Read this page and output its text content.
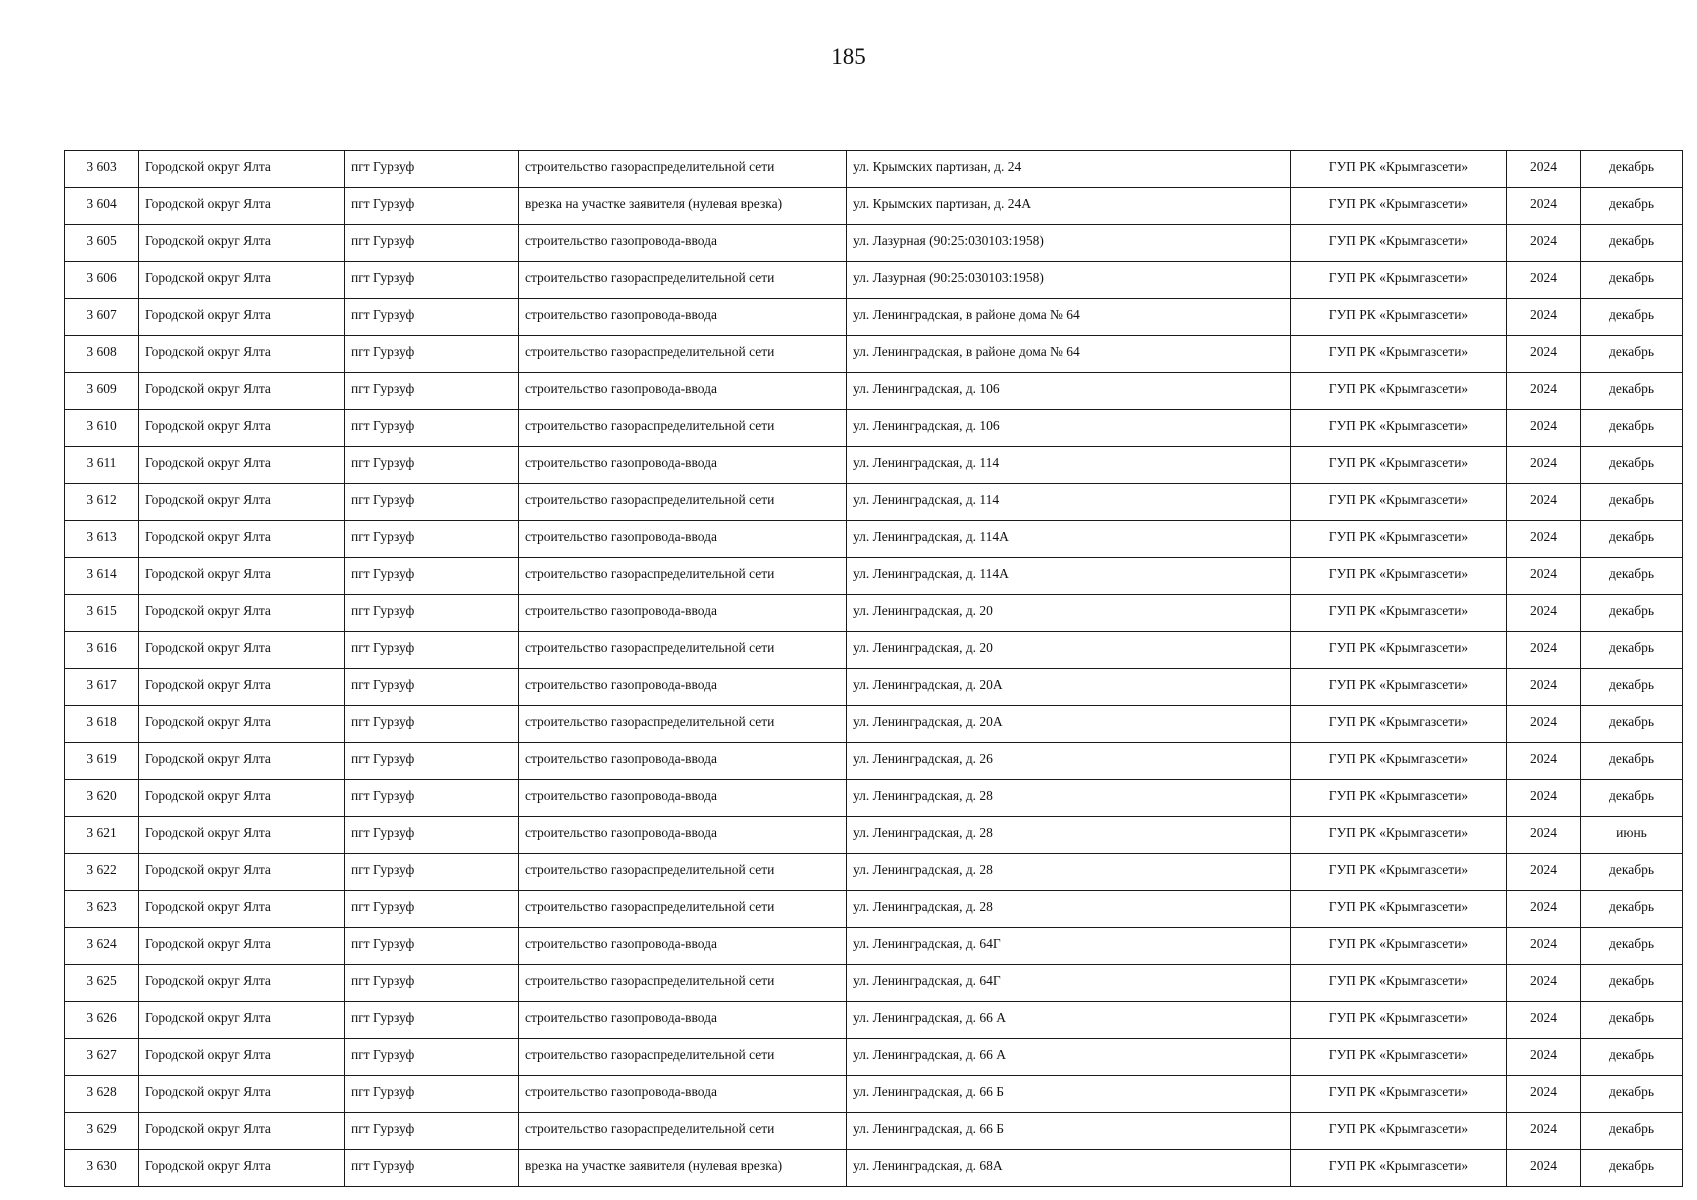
185
3 603	Городской округ Ялта	пгт Гурзуф	строительство газораспределительной сети	ул. Крымских партизан, д. 24	ГУП РК «Крымгазсети»	2024	декабрь
3 604	Городской округ Ялта	пгт Гурзуф	врезка на участке заявителя (нулевая врезка)	ул. Крымских партизан, д. 24А	ГУП РК «Крымгазсети»	2024	декабрь
3 605	Городской округ Ялта	пгт Гурзуф	строительство газопровода-ввода	ул. Лазурная (90:25:030103:1958)	ГУП РК «Крымгазсети»	2024	декабрь
3 606	Городской округ Ялта	пгт Гурзуф	строительство газораспределительной сети	ул. Лазурная (90:25:030103:1958)	ГУП РК «Крымгазсети»	2024	декабрь
3 607	Городской округ Ялта	пгт Гурзуф	строительство газопровода-ввода	ул. Ленинградская, в районе дома № 64	ГУП РК «Крымгазсети»	2024	декабрь
3 608	Городской округ Ялта	пгт Гурзуф	строительство газораспределительной сети	ул. Ленинградская, в районе дома № 64	ГУП РК «Крымгазсети»	2024	декабрь
3 609	Городской округ Ялта	пгт Гурзуф	строительство газопровода-ввода	ул. Ленинградская, д. 106	ГУП РК «Крымгазсети»	2024	декабрь
3 610	Городской округ Ялта	пгт Гурзуф	строительство газораспределительной сети	ул. Ленинградская, д. 106	ГУП РК «Крымгазсети»	2024	декабрь
3 611	Городской округ Ялта	пгт Гурзуф	строительство газопровода-ввода	ул. Ленинградская, д. 114	ГУП РК «Крымгазсети»	2024	декабрь
3 612	Городской округ Ялта	пгт Гурзуф	строительство газораспределительной сети	ул. Ленинградская, д. 114	ГУП РК «Крымгазсети»	2024	декабрь
3 613	Городской округ Ялта	пгт Гурзуф	строительство газопровода-ввода	ул. Ленинградская, д. 114А	ГУП РК «Крымгазсети»	2024	декабрь
3 614	Городской округ Ялта	пгт Гурзуф	строительство газораспределительной сети	ул. Ленинградская, д. 114А	ГУП РК «Крымгазсети»	2024	декабрь
3 615	Городской округ Ялта	пгт Гурзуф	строительство газопровода-ввода	ул. Ленинградская, д. 20	ГУП РК «Крымгазсети»	2024	декабрь
3 616	Городской округ Ялта	пгт Гурзуф	строительство газораспределительной сети	ул. Ленинградская, д. 20	ГУП РК «Крымгазсети»	2024	декабрь
3 617	Городской округ Ялта	пгт Гурзуф	строительство газопровода-ввода	ул. Ленинградская, д. 20А	ГУП РК «Крымгазсети»	2024	декабрь
3 618	Городской округ Ялта	пгт Гурзуф	строительство газораспределительной сети	ул. Ленинградская, д. 20А	ГУП РК «Крымгазсети»	2024	декабрь
3 619	Городской округ Ялта	пгт Гурзуф	строительство газопровода-ввода	ул. Ленинградская, д. 26	ГУП РК «Крымгазсети»	2024	декабрь
3 620	Городской округ Ялта	пгт Гурзуф	строительство газопровода-ввода	ул. Ленинградская, д. 28	ГУП РК «Крымгазсети»	2024	декабрь
3 621	Городской округ Ялта	пгт Гурзуф	строительство газопровода-ввода	ул. Ленинградская, д. 28	ГУП РК «Крымгазсети»	2024	июнь
3 622	Городской округ Ялта	пгт Гурзуф	строительство газораспределительной сети	ул. Ленинградская, д. 28	ГУП РК «Крымгазсети»	2024	декабрь
3 623	Городской округ Ялта	пгт Гурзуф	строительство газораспределительной сети	ул. Ленинградская, д. 28	ГУП РК «Крымгазсети»	2024	декабрь
3 624	Городской округ Ялта	пгт Гурзуф	строительство газопровода-ввода	ул. Ленинградская, д. 64Г	ГУП РК «Крымгазсети»	2024	декабрь
3 625	Городской округ Ялта	пгт Гурзуф	строительство газораспределительной сети	ул. Ленинградская, д. 64Г	ГУП РК «Крымгазсети»	2024	декабрь
3 626	Городской округ Ялта	пгт Гурзуф	строительство газопровода-ввода	ул. Ленинградская, д. 66 А	ГУП РК «Крымгазсети»	2024	декабрь
3 627	Городской округ Ялта	пгт Гурзуф	строительство газораспределительной сети	ул. Ленинградская, д. 66 А	ГУП РК «Крымгазсети»	2024	декабрь
3 628	Городской округ Ялта	пгт Гурзуф	строительство газопровода-ввода	ул. Ленинградская, д. 66 Б	ГУП РК «Крымгазсети»	2024	декабрь
3 629	Городской округ Ялта	пгт Гурзуф	строительство газораспределительной сети	ул. Ленинградская, д. 66 Б	ГУП РК «Крымгазсети»	2024	декабрь
3 630	Городской округ Ялта	пгт Гурзуф	врезка на участке заявителя (нулевая врезка)	ул. Ленинградская, д. 68А	ГУП РК «Крымгазсети»	2024	декабрь
